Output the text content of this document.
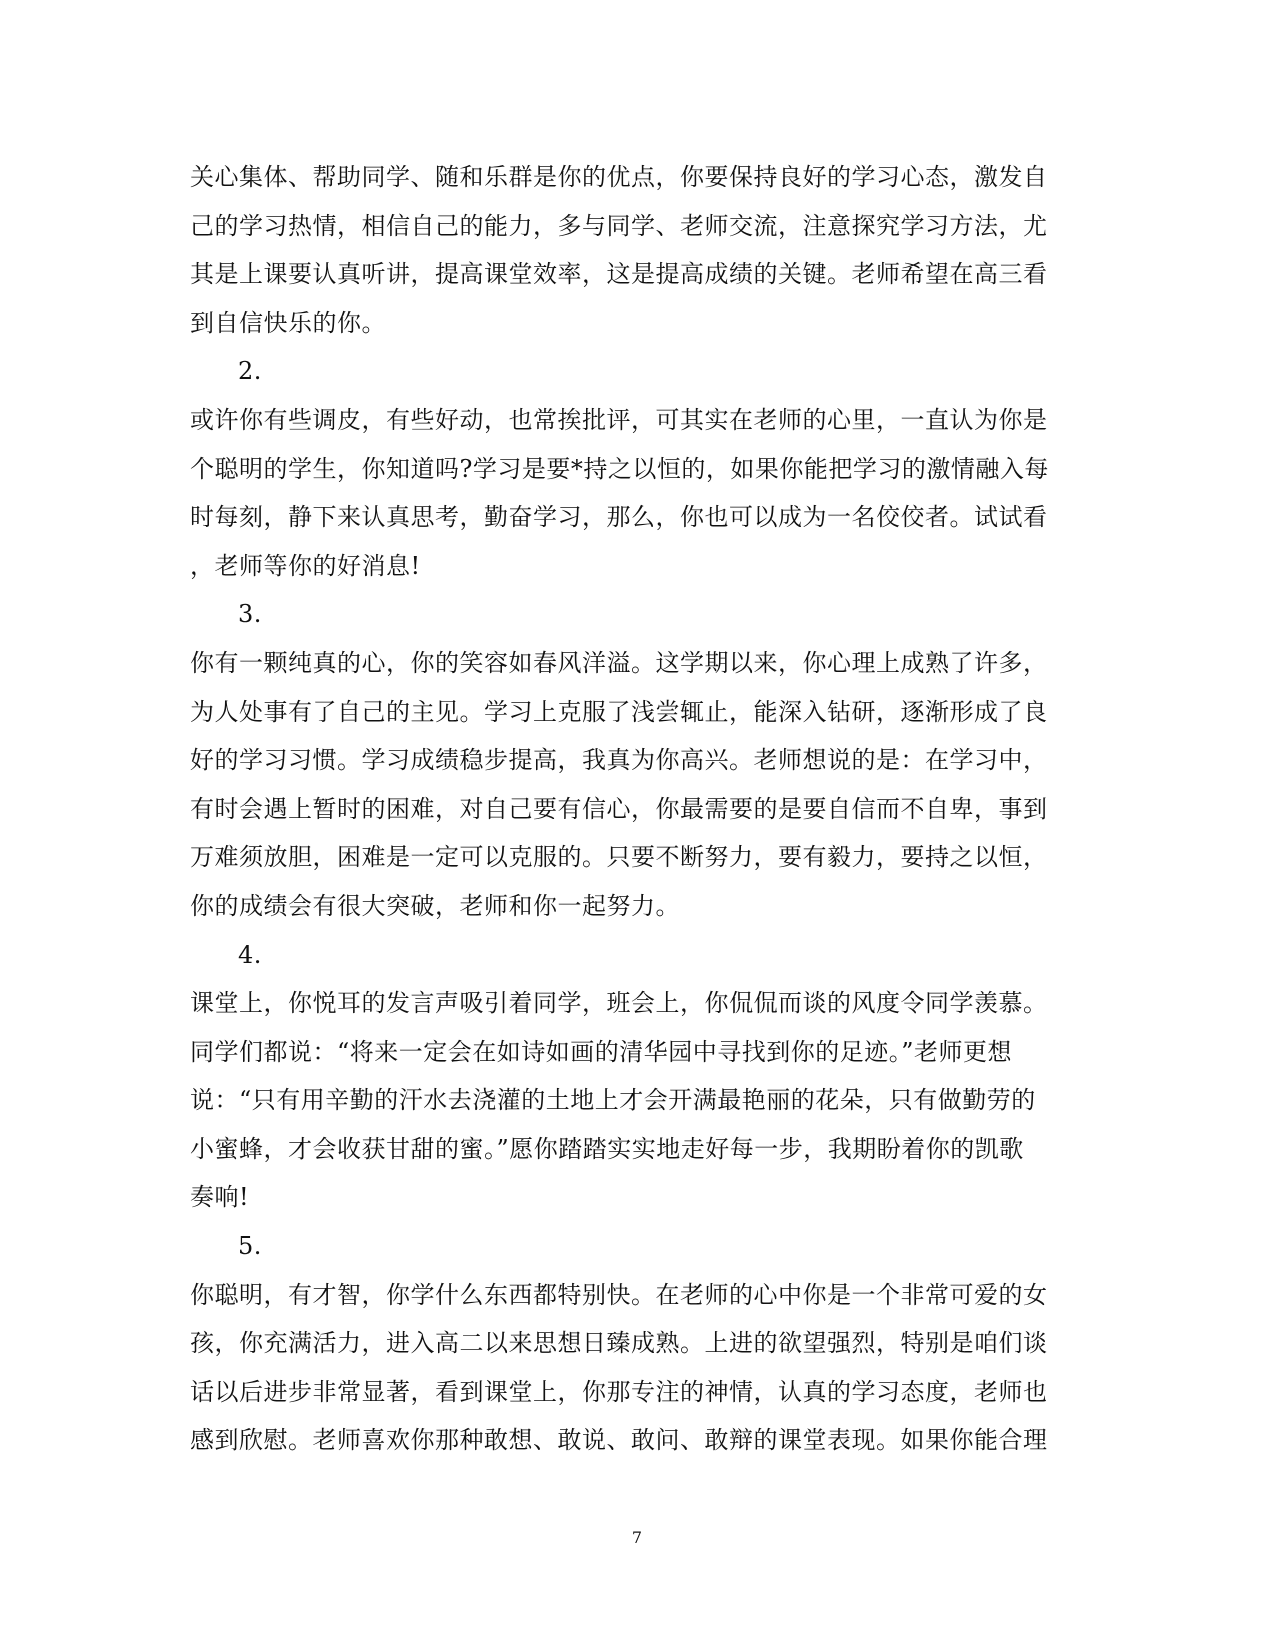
关心集体、帮助同学、随和乐群是你的优点，你要保持良好的学习心态，激发自
己的学习热情，相信自己的能力，多与同学、老师交流，注意探究学习方法，尤
其是上课要认真听讲，提高课堂效率，这是提高成绩的关键。老师希望在高三看
到自信快乐的你。
2.
或许你有些调皮，有些好动，也常挨批评，可其实在老师的心里，一直认为你是
个聪明的学生，你知道吗?学习是要*持之以恒的，如果你能把学习的激情融入每
时每刻，静下来认真思考，勤奋学习，那么，你也可以成为一名佼佼者。试试看
，老师等你的好消息!
3.
你有一颗纯真的心，你的笑容如春风洋溢。这学期以来，你心理上成熟了许多，
为人处事有了自己的主见。学习上克服了浅尝辄止，能深入钻研，逐渐形成了良
好的学习习惯。学习成绩稳步提高，我真为你高兴。老师想说的是：在学习中，
有时会遇上暂时的困难，对自己要有信心，你最需要的是要自信而不自卑，事到
万难须放胆，困难是一定可以克服的。只要不断努力，要有毅力，要持之以恒，
你的成绩会有很大突破，老师和你一起努力。
4.
课堂上，你悦耳的发言声吸引着同学，班会上，你侃侃而谈的风度令同学羡慕。
同学们都说：“将来一定会在如诗如画的清华园中寻找到你的足迹。”老师更想
说：“只有用辛勤的汗水去浇灌的土地上才会开满最艳丽的花朵，只有做勤劳的
小蜜蜂，才会收获甘甜的蜜。”愿你踏踏实实地走好每一步，我期盼着你的凯歌
奏响!
5.
你聪明，有才智，你学什么东西都特别快。在老师的心中你是一个非常可爱的女
孩，你充满活力，进入高二以来思想日臻成熟。上进的欲望强烈，特别是咱们谈
话以后进步非常显著，看到课堂上，你那专注的神情，认真的学习态度，老师也
感到欣慰。老师喜欢你那种敢想、敢说、敢问、敢辩的课堂表现。如果你能合理
7
